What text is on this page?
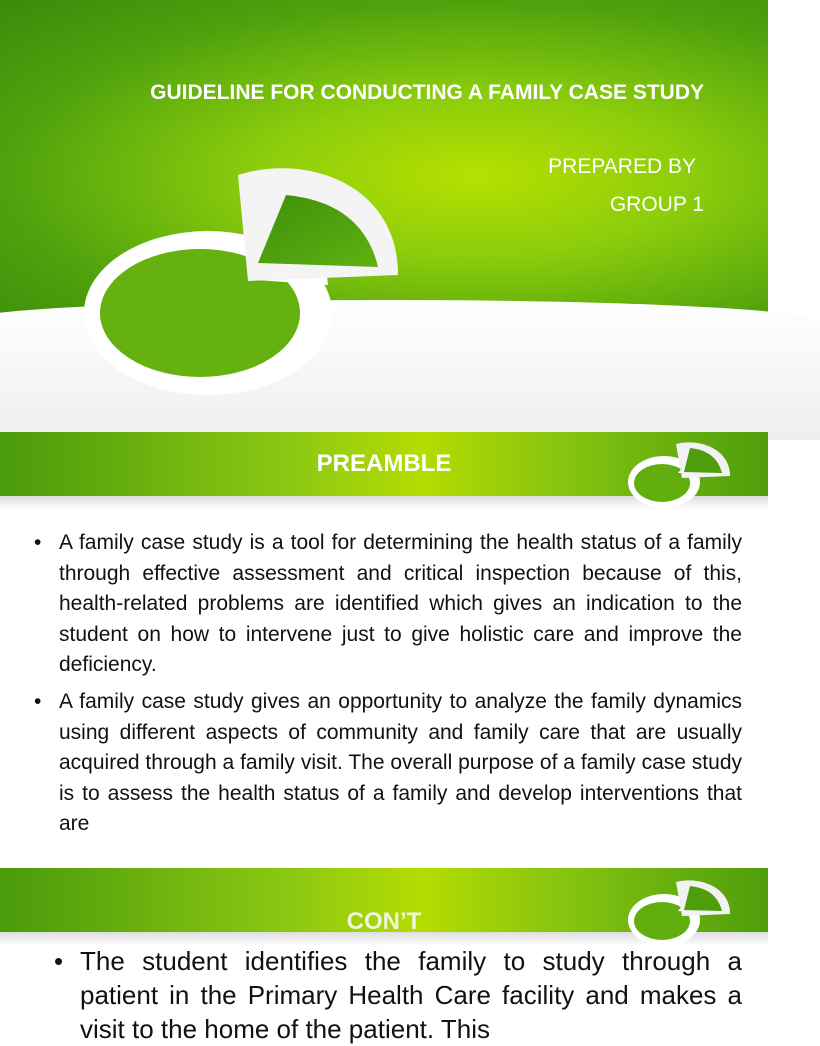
GUIDELINE FOR CONDUCTING A FAMILY CASE STUDY
PREPARED BY
GROUP 1
PREAMBLE
• A family case study is a tool for determining the health status of a family through effective assessment and critical inspection because of this, health-related problems are identified which gives an indication to the student on how to intervene just to give holistic care and improve the deficiency.
• A family case study gives an opportunity to analyze the family dynamics using different aspects of community and family care that are usually acquired through a family visit. The overall purpose of a family case study is to assess the health status of a family and develop interventions that are
CON’T
• The student identifies the family to study through a patient in the Primary Health Care facility and makes a visit to the home of the patient. This
